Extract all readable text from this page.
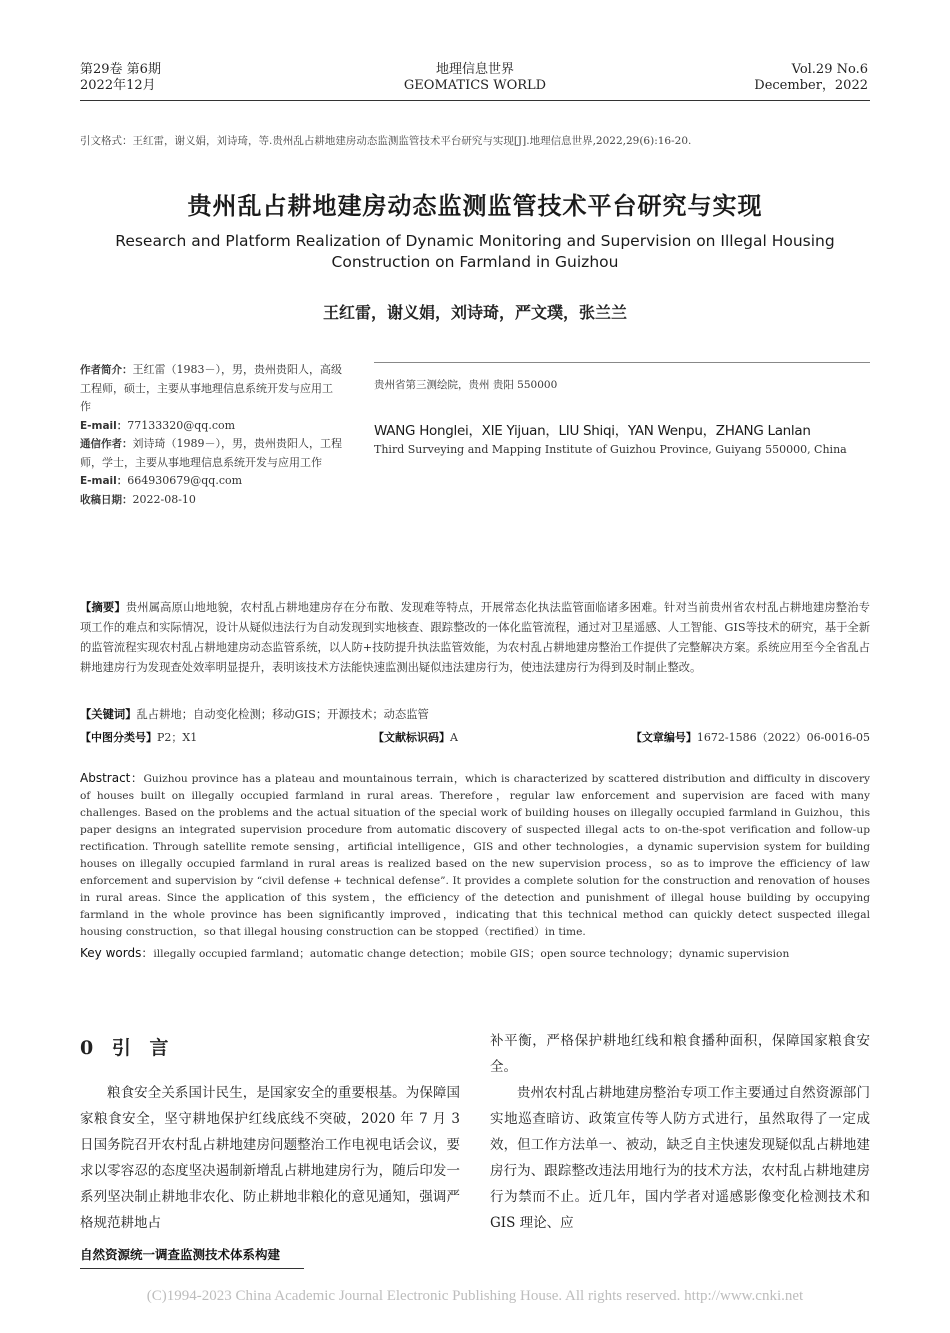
第29卷 第6期
2022年12月
地理信息世界
GEOMATICS WORLD
Vol.29 No.6
December，2022
引文格式：王红雷，谢义娟，刘诗琦，等.贵州乱占耕地建房动态监测监管技术平台研究与实现[J].地理信息世界,2022,29(6):16-20.
贵州乱占耕地建房动态监测监管技术平台研究与实现
Research and Platform Realization of Dynamic Monitoring and Supervision on Illegal Housing Construction on Farmland in Guizhou
王红雷，谢义娟，刘诗琦，严文璞，张兰兰
作者简介：王红雷（1983－），男，贵州贵阳人，高级工程师，硕士，主要从事地理信息系统开发与应用工作
E-mail：77133320@qq.com
通信作者：刘诗琦（1989－），男，贵州贵阳人，工程师，学士，主要从事地理信息系统开发与应用工作
E-mail：664930679@qq.com
收稿日期：2022-08-10
贵州省第三测绘院，贵州 贵阳 550000
WANG Honglei，XIE Yijuan，LIU Shiqi，YAN Wenpu，ZHANG Lanlan
Third Surveying and Mapping Institute of Guizhou Province, Guiyang 550000, China
【摘要】贵州属高原山地地貌，农村乱占耕地建房存在分布散、发现难等特点，开展常态化执法监管面临诸多困难。针对当前贵州省农村乱占耕地建房整治专项工作的难点和实际情况，设计从疑似违法行为自动发现到实地核查、跟踪整改的一体化监管流程，通过对卫星遥感、人工智能、GIS等技术的研究，基于全新的监管流程实现农村乱占耕地建房动态监管系统，以人防+技防提升执法监管效能，为农村乱占耕地建房整治工作提供了完整解决方案。系统应用至今全省乱占耕地建房行为发现查处效率明显提升，表明该技术方法能快速监测出疑似违法建房行为，使违法建房行为得到及时制止整改。
【关键词】乱占耕地；自动变化检测；移动GIS；开源技术；动态监管
【中图分类号】P2；X1	【文献标识码】A	【文章编号】1672-1586（2022）06-0016-05
Abstract：Guizhou province has a plateau and mountainous terrain，which is characterized by scattered distribution and difficulty in discovery of houses built on illegally occupied farmland in rural areas. Therefore，regular law enforcement and supervision are faced with many challenges. Based on the problems and the actual situation of the special work of building houses on illegally occupied farmland in Guizhou，this paper designs an integrated supervision procedure from automatic discovery of suspected illegal acts to on-the-spot verification and follow-up rectification. Through satellite remote sensing，artificial intelligence，GIS and other technologies，a dynamic supervision system for building houses on illegally occupied farmland in rural areas is realized based on the new supervision process，so as to improve the efficiency of law enforcement and supervision by “civil defense + technical defense”. It provides a complete solution for the construction and renovation of houses in rural areas. Since the application of this system，the efficiency of the detection and punishment of illegal house building by occupying farmland in the whole province has been significantly improved，indicating that this technical method can quickly detect suspected illegal housing construction，so that illegal housing construction can be stopped（rectified）in time.
Key words：illegally occupied farmland；automatic change detection；mobile GIS；open source technology；dynamic supervision
0 引 言

粮食安全关系国计民生，是国家安全的重要根基。为保障国家粮食安全，坚守耕地保护红线底线不突破，2020 年 7 月 3 日国务院召开农村乱占耕地建房问题整治工作电视电话会议，要求以零容忍的态度坚决遏制新增乱占耕地建房行为，随后印发一系列坚决制止耕地非农化、防止耕地非粮化的意见通知，强调严格规范耕地占

补平衡，严格保护耕地红线和粮食播种面积，保障国家粮食安全。

贵州农村乱占耕地建房整治专项工作主要通过自然资源部门实地巡查暗访、政策宣传等人防方式进行，虽然取得了一定成效，但工作方法单一、被动，缺乏自主快速发现疑似乱占耕地建房行为、跟踪整改违法用地行为的技术方法，农村乱占耕地建房行为禁而不止。近几年，国内学者对遥感影像变化检测技术和 GIS 理论、应

自然资源统一调查监测技术体系构建
(C)1994-2023 China Academic Journal Electronic Publishing House. All rights reserved. http://www.cnki.net
